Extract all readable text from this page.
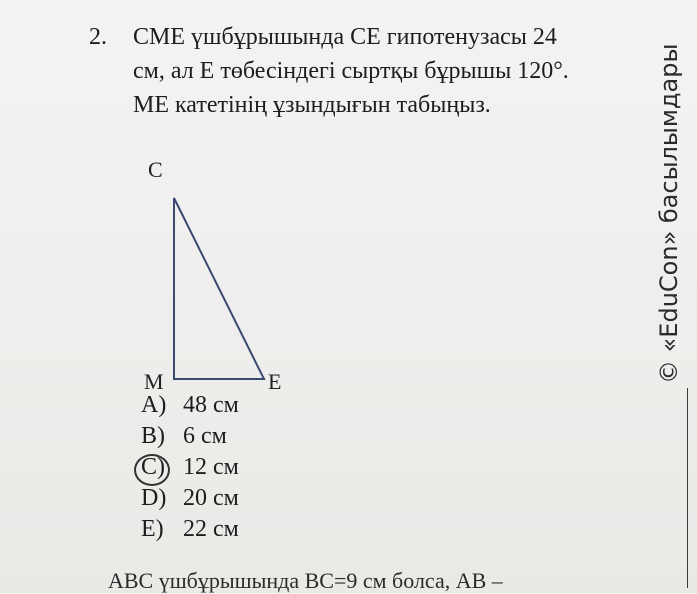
2. CME үшбұрышында CE гипотенузасы 24
см, ал E төбесіндегі сыртқы бұрышы 120°.
ME катетінің ұзындығын табыңыз.
C
M	E
A) 48 см
B) 6 см
C) 12 см
D) 20 см
E) 22 см
© «EduCon» басылымдары
ABC үшбұрышында BC=9 см болса, AB –
